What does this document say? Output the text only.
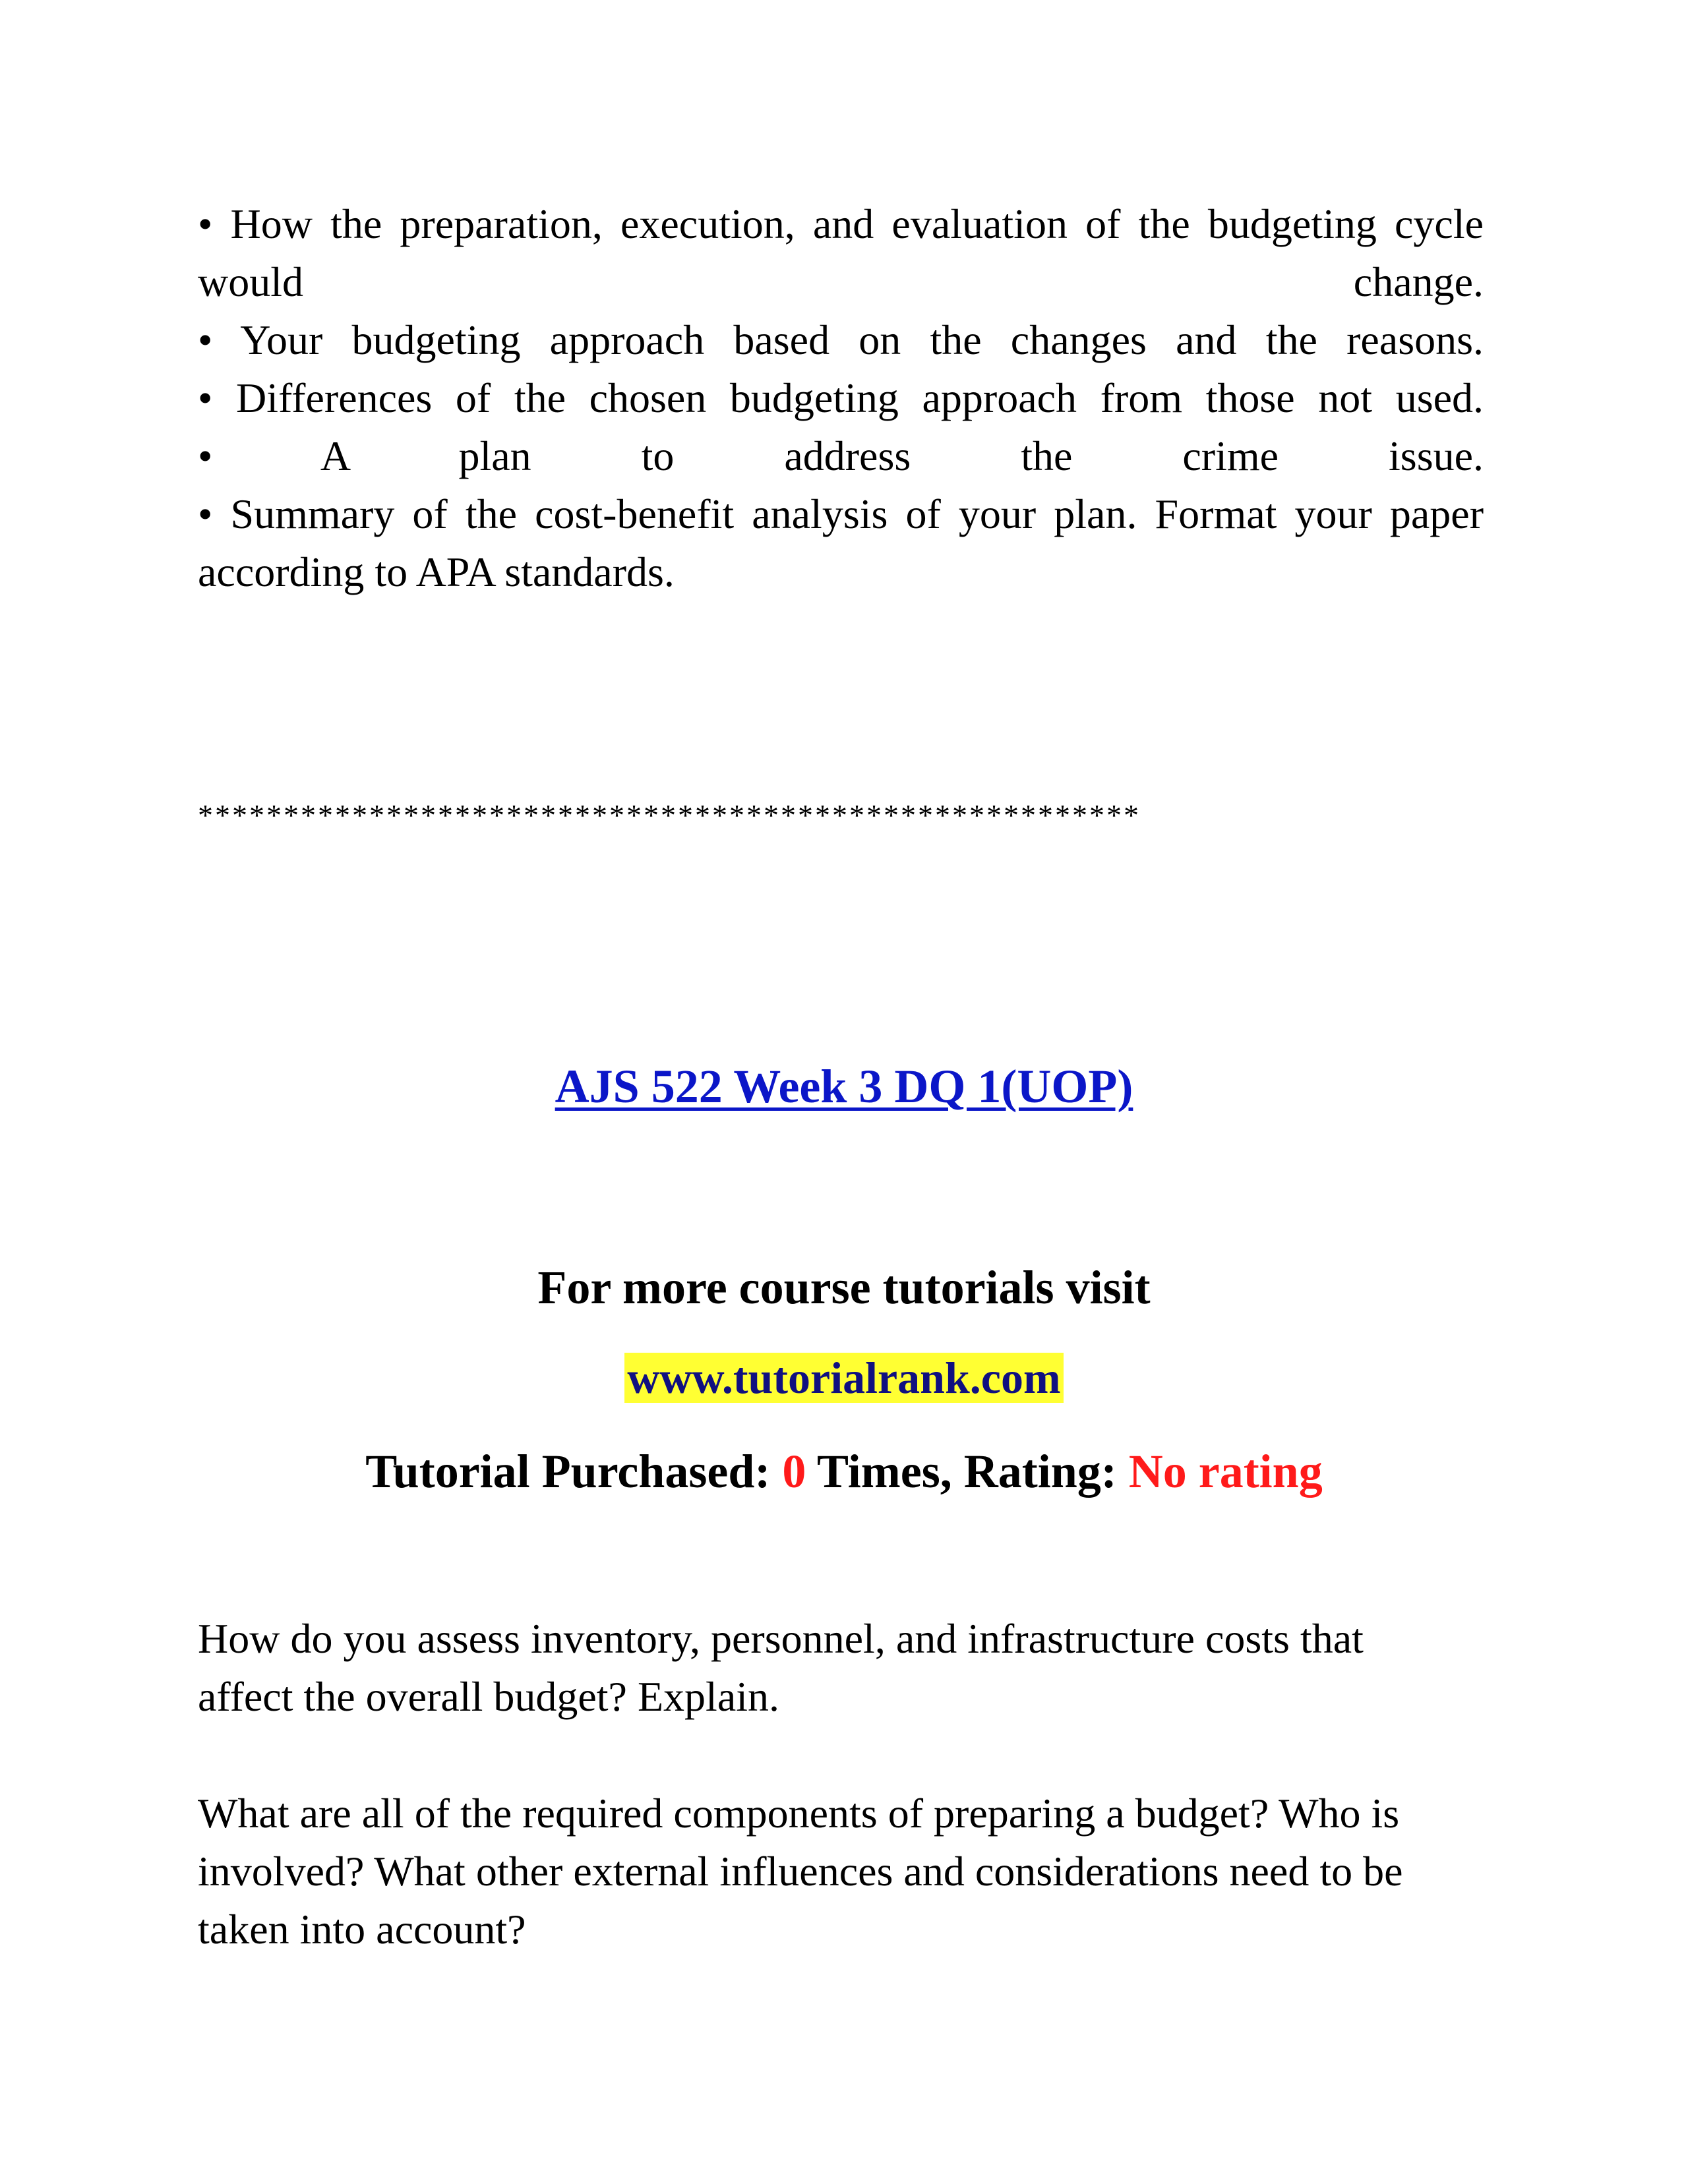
• How the preparation, execution, and evaluation of the budgeting cycle
would change.
• Your budgeting approach based on the changes and the reasons.
• Differences of the chosen budgeting approach from those not used.
• A plan to address the crime issue.
• Summary of the cost-benefit analysis of your plan. Format your paper
according to APA standards.
*******************************************************
AJS 522 Week 3 DQ 1(UOP)
For more course tutorials visit
www.tutorialrank.com
Tutorial Purchased: 0 Times, Rating: No rating
How do you assess inventory, personnel, and infrastructure costs that
affect the overall budget? Explain.
What are all of the required components of preparing a budget? Who is
involved? What other external influences and considerations need to be
taken into account?
